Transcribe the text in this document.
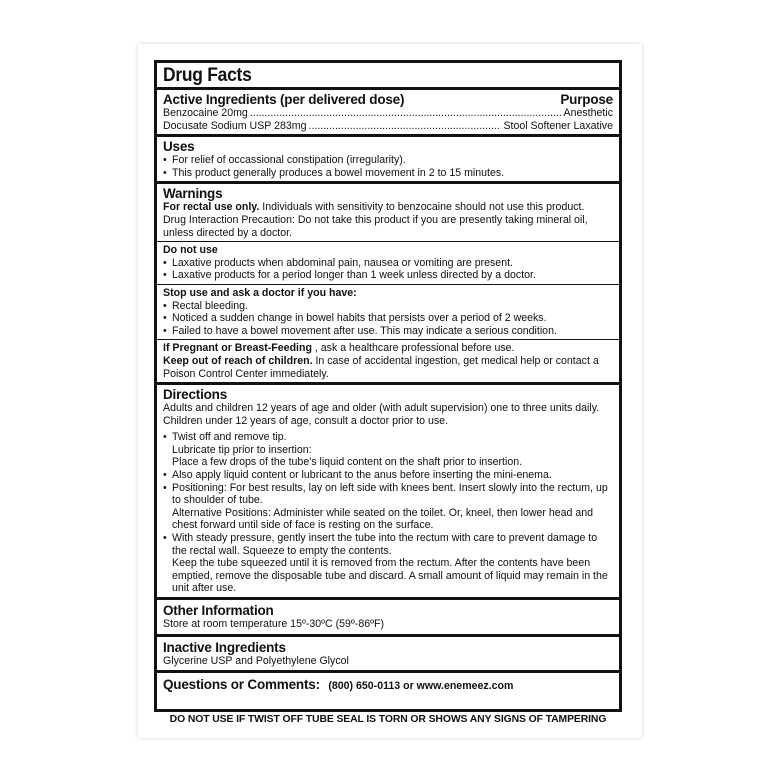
Drug Facts
Active Ingredients (per delivered dose)	Purpose
Benzocaine 20mg .....	Anesthetic
Docusate Sodium USP 283mg .....	Stool Softener Laxative
Uses
• For relief of occassional constipation (irregularity).
• This product generally produces a bowel movement in 2 to 15 minutes.
Warnings
For rectal use only. Individuals with sensitivity to benzocaine should not use this product.
Drug Interaction Precaution: Do not take this product if you are presently taking mineral oil, unless directed by a doctor.
Do not use
• Laxative products when abdominal pain, nausea or vomiting are present.
• Laxative products for a period longer than 1 week unless directed by a doctor.
Stop use and ask a doctor if you have:
• Rectal bleeding.
• Noticed a sudden change in bowel habits that persists over a period of 2 weeks.
• Failed to have a bowel movement after use. This may indicate a serious condition.
If Pregnant or Breast-Feeding , ask a healthcare professional before use.
Keep out of reach of children. In case of accidental ingestion, get medical help or contact a Poison Control Center immediately.
Directions
Adults and children 12 years of age and older (with adult supervision) one to three units daily. Children under 12 years of age, consult a doctor prior to use.
• Twist off and remove tip.
Lubricate tip prior to insertion:
Place a few drops of the tube's liquid content on the shaft prior to insertion.
• Also apply liquid content or lubricant to the anus before inserting the mini-enema.
• Positioning: For best results, lay on left side with knees bent. Insert slowly into the rectum, up to shoulder of tube.
Alternative Positions: Administer while seated on the toilet. Or, kneel, then lower head and chest forward until side of face is resting on the surface.
• With steady pressure, gently insert the tube into the rectum with care to prevent damage to the rectal wall. Squeeze to empty the contents.
Keep the tube squeezed until it is removed from the rectum. After the contents have been emptied, remove the disposable tube and discard. A small amount of liquid may remain in the unit after use.
Other Information
Store at room temperature 15º-30ºC (59º-86ºF)
Inactive Ingredients
Glycerine USP and Polyethylene Glycol
Questions or Comments: (800) 650-0113 or www.enemeez.com
DO NOT USE IF TWIST OFF TUBE SEAL IS TORN OR SHOWS ANY SIGNS OF TAMPERING
